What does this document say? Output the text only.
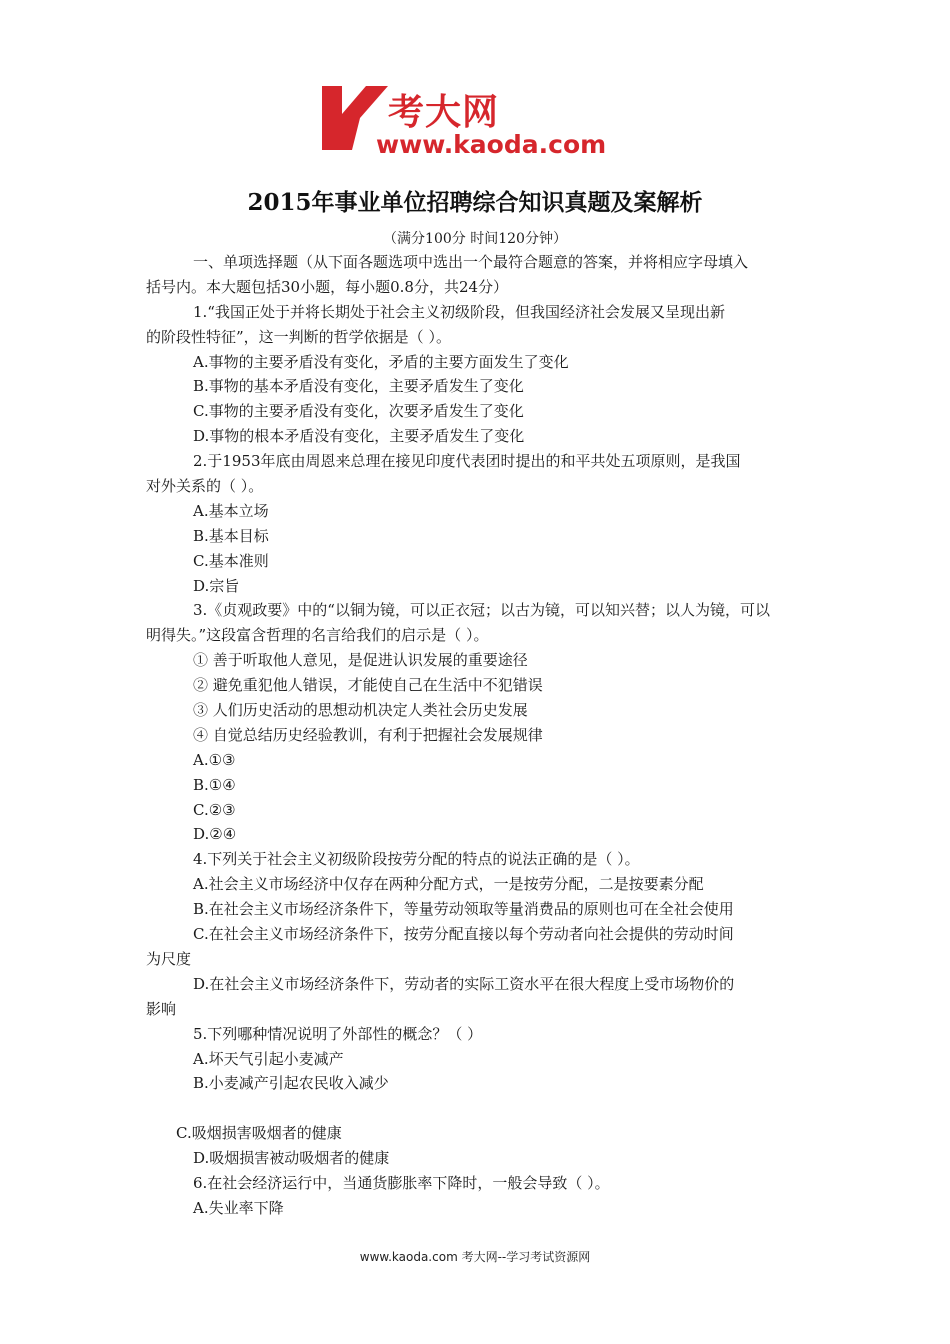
考大网
www.kaoda.com
2015年事业单位招聘综合知识真题及案解析
（满分100分 时间120分钟）
一、单项选择题（从下面各题选项中选出一个最符合题意的答案，并将相应字母填入
括号内。本大题包括30小题，每小题0.8分，共24分）
1.“我国正处于并将长期处于社会主义初级阶段，但我国经济社会发展又呈现出新
的阶段性特征”，这一判断的哲学依据是（ ）。
A.事物的主要矛盾没有变化，矛盾的主要方面发生了变化
B.事物的基本矛盾没有变化，主要矛盾发生了变化
C.事物的主要矛盾没有变化，次要矛盾发生了变化
D.事物的根本矛盾没有变化，主要矛盾发生了变化
2.于1953年底由周恩来总理在接见印度代表团时提出的和平共处五项原则，是我国
对外关系的（ ）。
A.基本立场
B.基本目标
C.基本准则
D.宗旨
3.《贞观政要》中的“以铜为镜，可以正衣冠；以古为镜，可以知兴替；以人为镜，可以
明得失。”这段富含哲理的名言给我们的启示是（ ）。
① 善于听取他人意见，是促进认识发展的重要途径
② 避免重犯他人错误，才能使自己在生活中不犯错误
③ 人们历史活动的思想动机决定人类社会历史发展
④ 自觉总结历史经验教训，有利于把握社会发展规律
A.①③
B.①④
C.②③
D.②④
4.下列关于社会主义初级阶段按劳分配的特点的说法正确的是（ ）。
A.社会主义市场经济中仅存在两种分配方式，一是按劳分配，二是按要素分配
B.在社会主义市场经济条件下，等量劳动领取等量消费品的原则也可在全社会使用
C.在社会主义市场经济条件下，按劳分配直接以每个劳动者向社会提供的劳动时间
为尺度
D.在社会主义市场经济条件下，劳动者的实际工资水平在很大程度上受市场物价的
影响
5.下列哪种情况说明了外部性的概念？（ ）
A.坏天气引起小麦减产
B.小麦减产引起农民收入减少
C.吸烟损害吸烟者的健康
D.吸烟损害被动吸烟者的健康
6.在社会经济运行中，当通货膨胀率下降时，一般会导致（ ）。
A.失业率下降
www.kaoda.com 考大网--学习考试资源网
